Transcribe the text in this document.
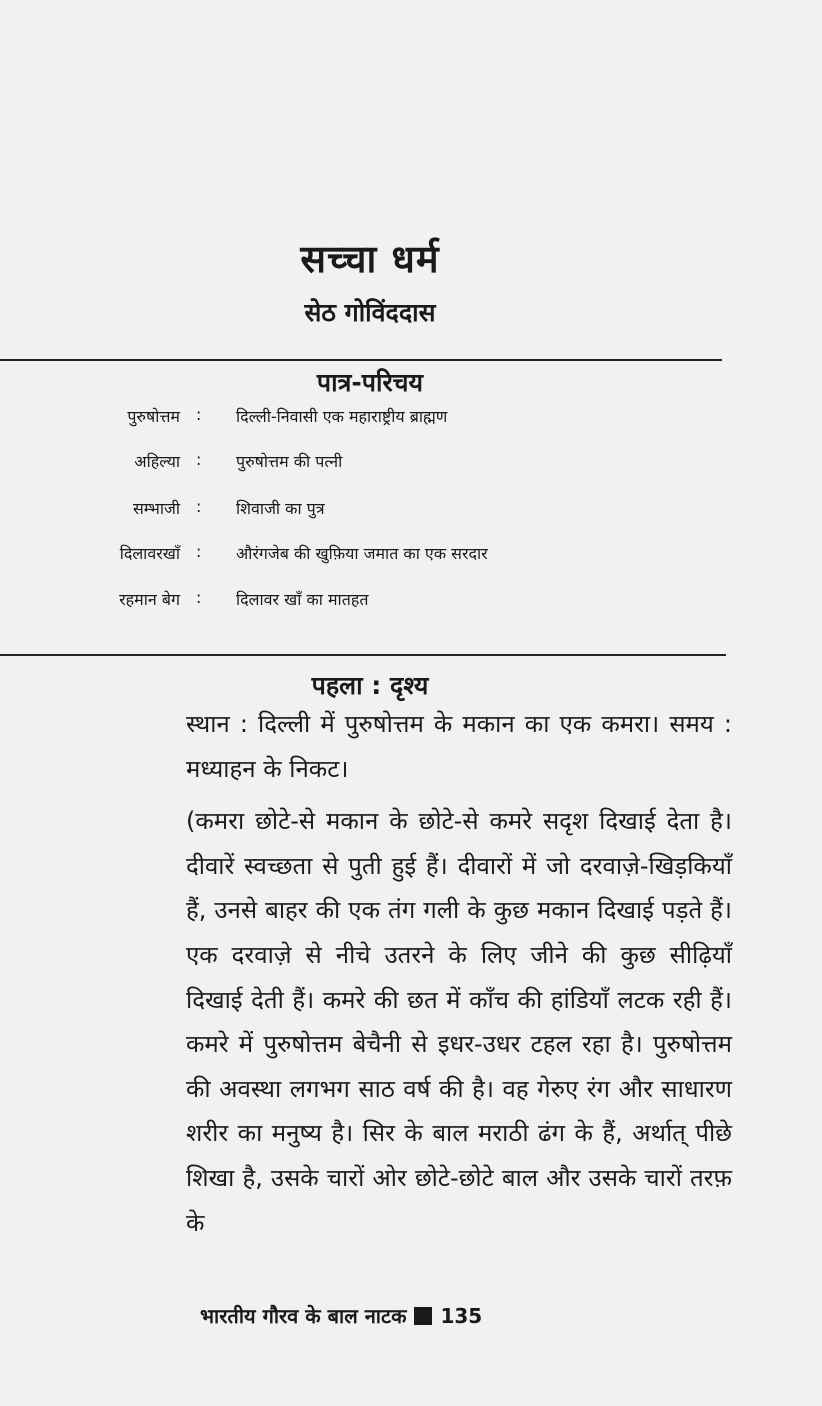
सच्चा धर्म
सेठ गोविंददास
पात्र-परिचय
पुरुषोत्तम :	दिल्ली-निवासी एक महाराष्ट्रीय ब्राह्मण
अहिल्या :	पुरुषोत्तम की पत्नी
सम्भाजी :	शिवाजी का पुत्र
दिलावरखाँ :	औरंगजेब की खुफ़िया जमात का एक सरदार
रहमान बेग :	दिलावर खाँ का मातहत
पहला : दृश्य

स्थान : दिल्ली में पुरुषोत्तम के मकान का एक कमरा। समय : मध्याहन के निकट।

(कमरा छोटे-से मकान के छोटे-से कमरे सदृश दिखाई देता है। दीवारें स्वच्छता से पुती हुई हैं। दीवारों में जो दरवाज़े-खिड़कियाँ हैं, उनसे बाहर की एक तंग गली के कुछ मकान दिखाई पड़ते हैं। एक दरवाज़े से नीचे उतरने के लिए जीने की कुछ सीढ़ियाँ दिखाई देती हैं। कमरे की छत में काँच की हांडियाँ लटक रही हैं। कमरे में पुरुषोत्तम बेचैनी से इधर-उधर टहल रहा है। पुरुषोत्तम की अवस्था लगभग साठ वर्ष की है। वह गेरुए रंग और साधारण शरीर का मनुष्य है। सिर के बाल मराठी ढंग के हैं, अर्थात् पीछे शिखा है, उसके चारों ओर छोटे-छोटे बाल और उसके चारों तरफ़ के

भारतीय गौरव के बाल नाटक 135
